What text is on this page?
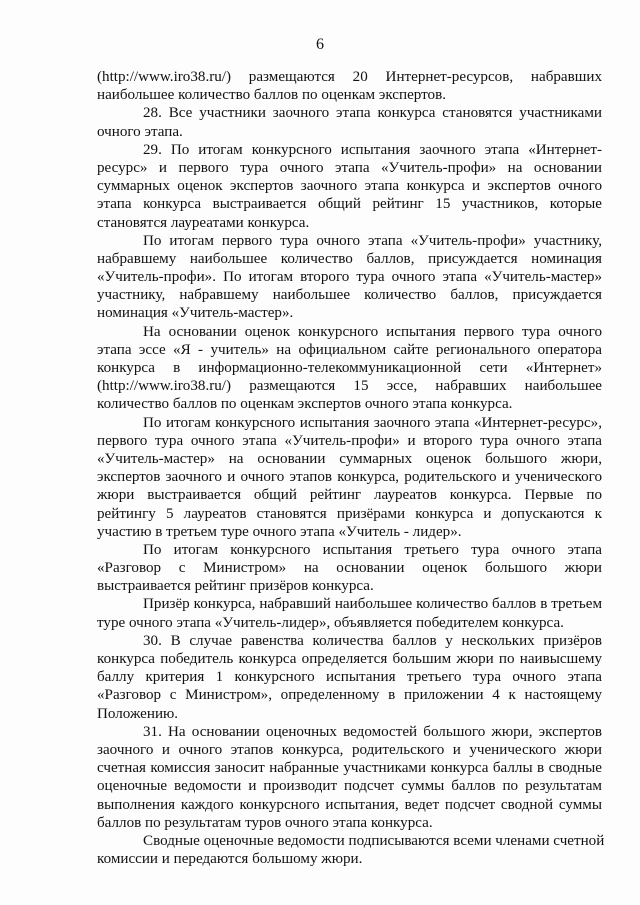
6
(http://www.iro38.ru/) размещаются 20 Интернет-ресурсов, набравших
наибольшее количество баллов по оценкам экспертов.
28. Все участники заочного этапа конкурса становятся участниками
очного этапа.
29. По итогам конкурсного испытания заочного этапа «Интернет-
ресурс» и первого тура очного этапа «Учитель-профи» на основании
суммарных оценок экспертов заочного этапа конкурса и экспертов очного
этапа конкурса выстраивается общий рейтинг 15 участников, которые
становятся лауреатами конкурса.
По итогам первого тура очного этапа «Учитель-профи» участнику,
набравшему наибольшее количество баллов, присуждается номинация
«Учитель-профи». По итогам второго тура очного этапа «Учитель-мастер»
участнику, набравшему наибольшее количество баллов, присуждается
номинация «Учитель-мастер».
На основании оценок конкурсного испытания первого тура очного
этапа эссе «Я - учитель» на официальном сайте регионального оператора
конкурса в информационно-телекоммуникационной сети «Интернет»
(http://www.iro38.ru/) размещаются 15 эссе, набравших наибольшее
количество баллов по оценкам экспертов очного этапа конкурса.
По итогам конкурсного испытания заочного этапа «Интернет-ресурс»,
первого тура очного этапа «Учитель-профи» и второго тура очного этапа
«Учитель-мастер» на основании суммарных оценок большого жюри,
экспертов заочного и очного этапов конкурса, родительского и ученического
жюри выстраивается общий рейтинг лауреатов конкурса. Первые по
рейтингу 5 лауреатов становятся призёрами конкурса и допускаются к
участию в третьем туре очного этапа «Учитель - лидер».
По итогам конкурсного испытания третьего тура очного этапа
«Разговор с Министром» на основании оценок большого жюри
выстраивается рейтинг призёров конкурса.
Призёр конкурса, набравший наибольшее количество баллов в третьем
туре очного этапа «Учитель-лидер», объявляется победителем конкурса.
30. В случае равенства количества баллов у нескольких призёров
конкурса победитель конкурса определяется большим жюри по наивысшему
баллу критерия 1 конкурсного испытания третьего тура очного этапа
«Разговор с Министром», определенному в приложении 4 к настоящему
Положению.
31. На основании оценочных ведомостей большого жюри, экспертов
заочного и очного этапов конкурса, родительского и ученического жюри
счетная комиссия заносит набранные участниками конкурса баллы в сводные
оценочные ведомости и производит подсчет суммы баллов по результатам
выполнения каждого конкурсного испытания, ведет подсчет сводной суммы
баллов по результатам туров очного этапа конкурса.
Сводные оценочные ведомости подписываются всеми членами счетной
комиссии и передаются большому жюри.
